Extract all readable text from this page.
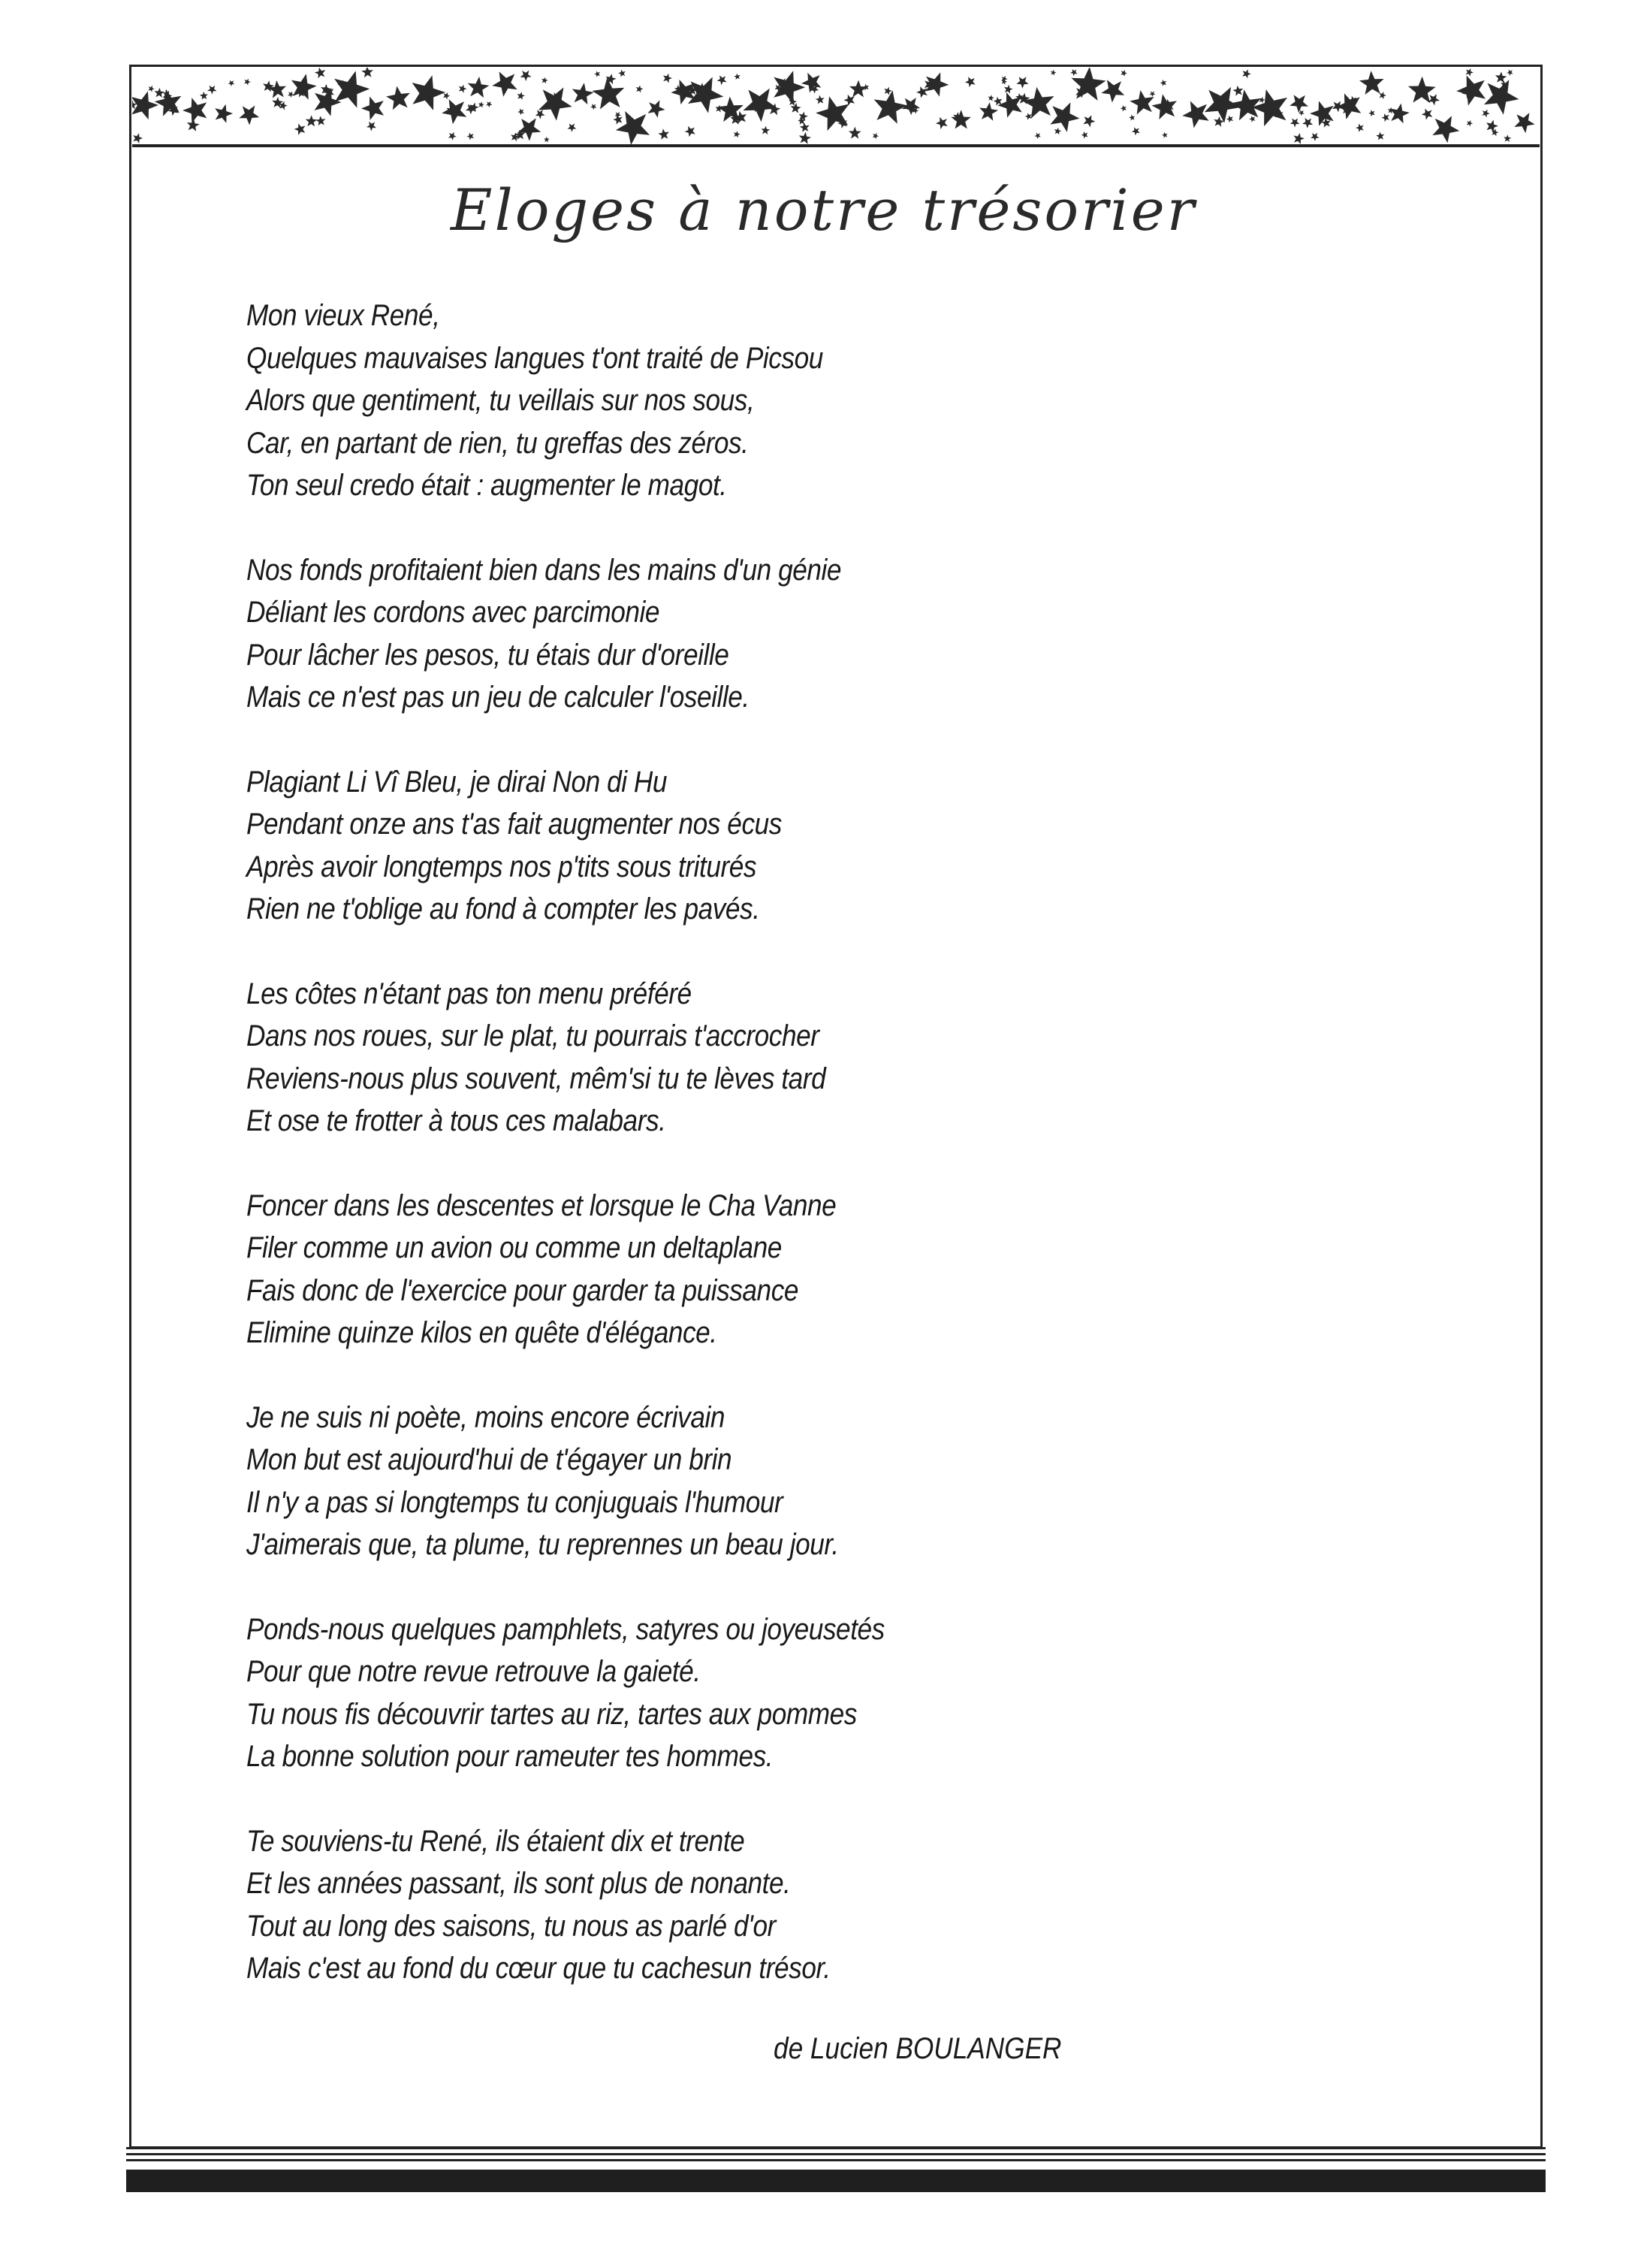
Eloges à notre trésorier
Mon vieux René,
Quelques mauvaises langues t'ont traité de Picsou
Alors que gentiment, tu veillais sur nos sous,
Car, en partant de rien, tu greffas des zéros.
Ton seul credo était : augmenter le magot.
Nos fonds profitaient bien dans les mains d'un génie
Déliant les cordons avec parcimonie
Pour lâcher les pesos, tu étais dur d'oreille
Mais ce n'est pas un jeu de calculer l'oseille.
Plagiant Li Vî Bleu, je dirai Non di Hu
Pendant onze ans t'as fait augmenter nos écus
Après avoir longtemps nos p'tits sous triturés
Rien ne t'oblige au fond à compter les pavés.
Les côtes n'étant pas ton menu préféré
Dans nos roues, sur le plat, tu pourrais t'accrocher
Reviens-nous plus souvent, mêm'si tu te lèves tard
Et ose te frotter à tous ces malabars.
Foncer dans les descentes et lorsque le Cha Vanne
Filer comme un avion ou comme un deltaplane
Fais donc de l'exercice pour garder ta puissance
Elimine quinze kilos en quête d'élégance.
Je ne suis ni poète, moins encore écrivain
Mon but est aujourd'hui de t'égayer un brin
Il n'y a pas si longtemps tu conjuguais l'humour
J'aimerais que, ta plume, tu reprennes un beau jour.
Ponds-nous quelques pamphlets, satyres ou joyeusetés
Pour que notre revue retrouve la gaieté.
Tu nous fis découvrir tartes au riz, tartes aux pommes
La bonne solution pour rameuter tes hommes.
Te souviens-tu René, ils étaient dix et trente
Et les années passant, ils sont plus de nonante.
Tout au long des saisons, tu nous as parlé d'or
Mais c'est au fond du cœur que tu cachesun trésor.
de Lucien BOULANGER
